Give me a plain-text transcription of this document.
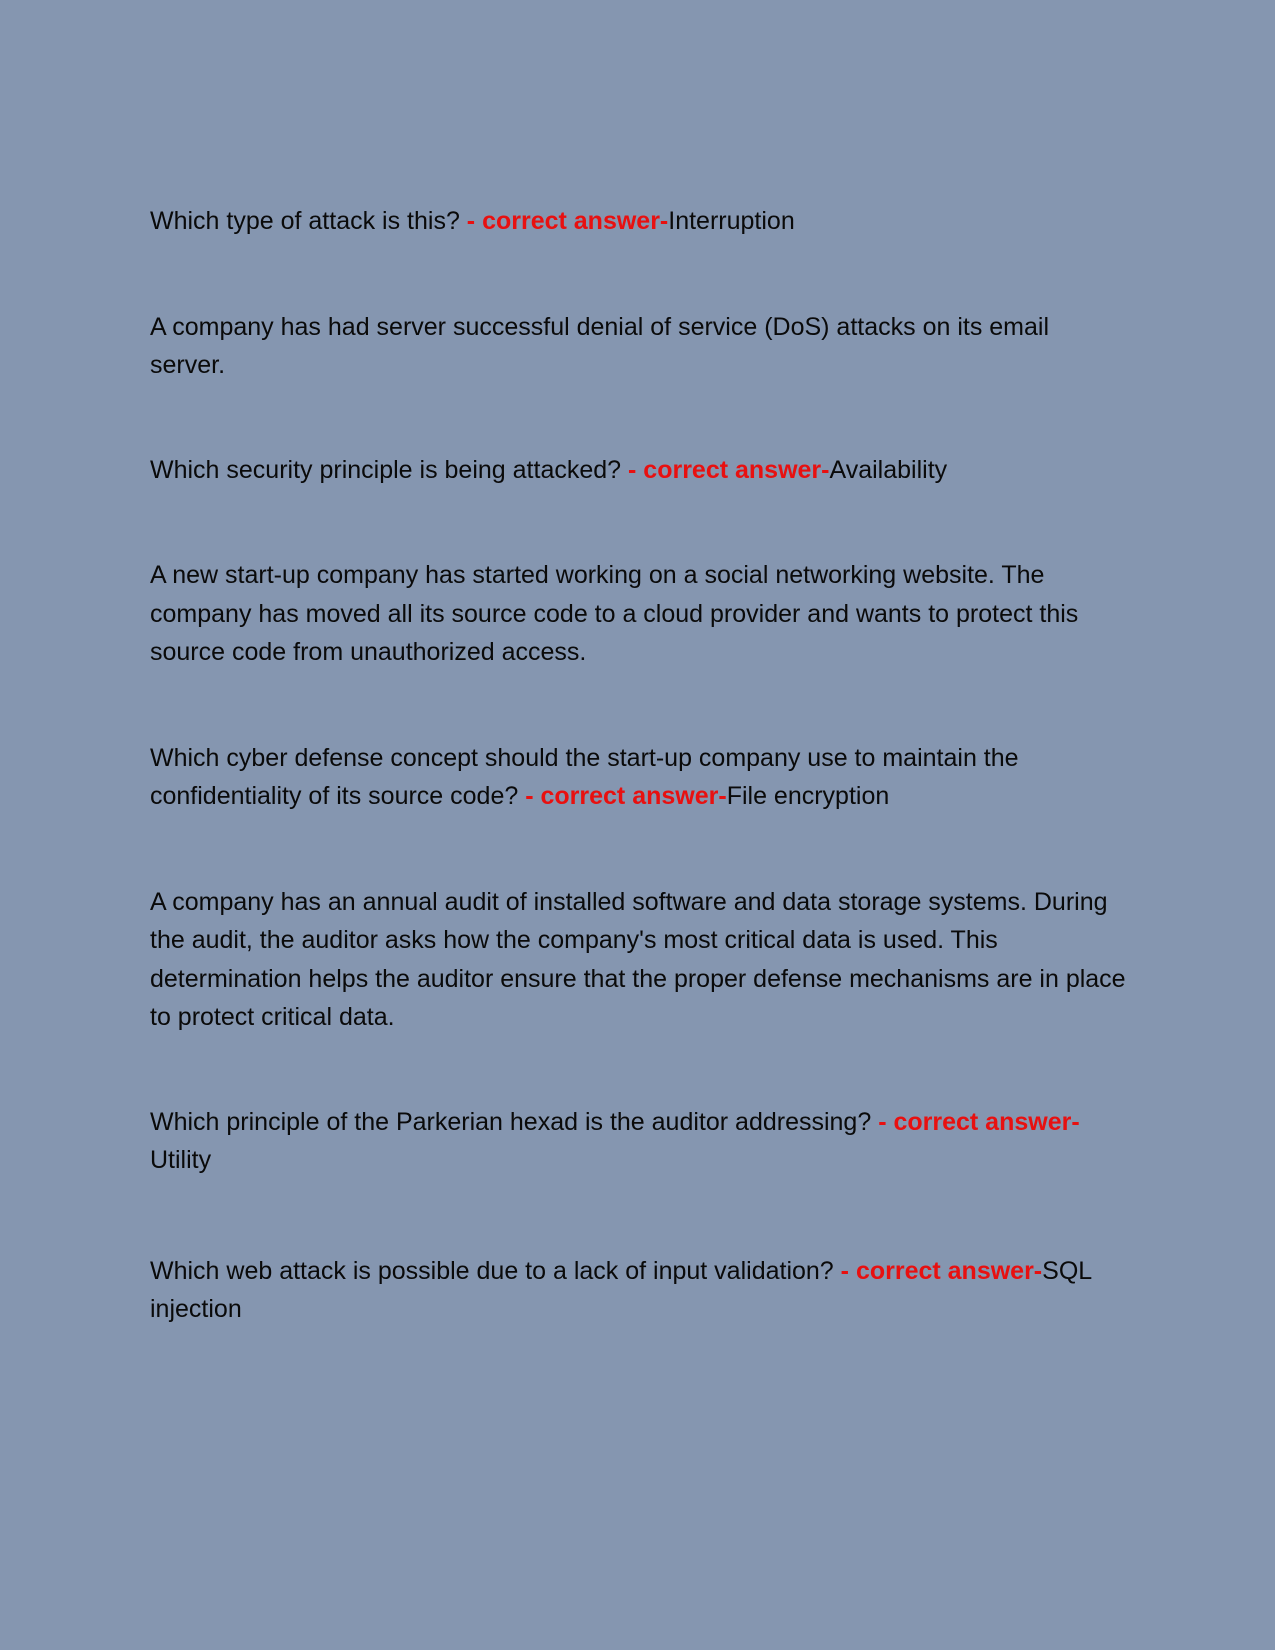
Which type of attack is this? - correct answer-Interruption

A company has had server successful denial of service (DoS) attacks on its email server.

Which security principle is being attacked? - correct answer-Availability

A new start-up company has started working on a social networking website. The company has moved all its source code to a cloud provider and wants to protect this source code from unauthorized access.

Which cyber defense concept should the start-up company use to maintain the confidentiality of its source code? - correct answer-File encryption

A company has an annual audit of installed software and data storage systems. During the audit, the auditor asks how the company's most critical data is used. This determination helps the auditor ensure that the proper defense mechanisms are in place to protect critical data.

Which principle of the Parkerian hexad is the auditor addressing? - correct answer-Utility

Which web attack is possible due to a lack of input validation? - correct answer-SQL injection
